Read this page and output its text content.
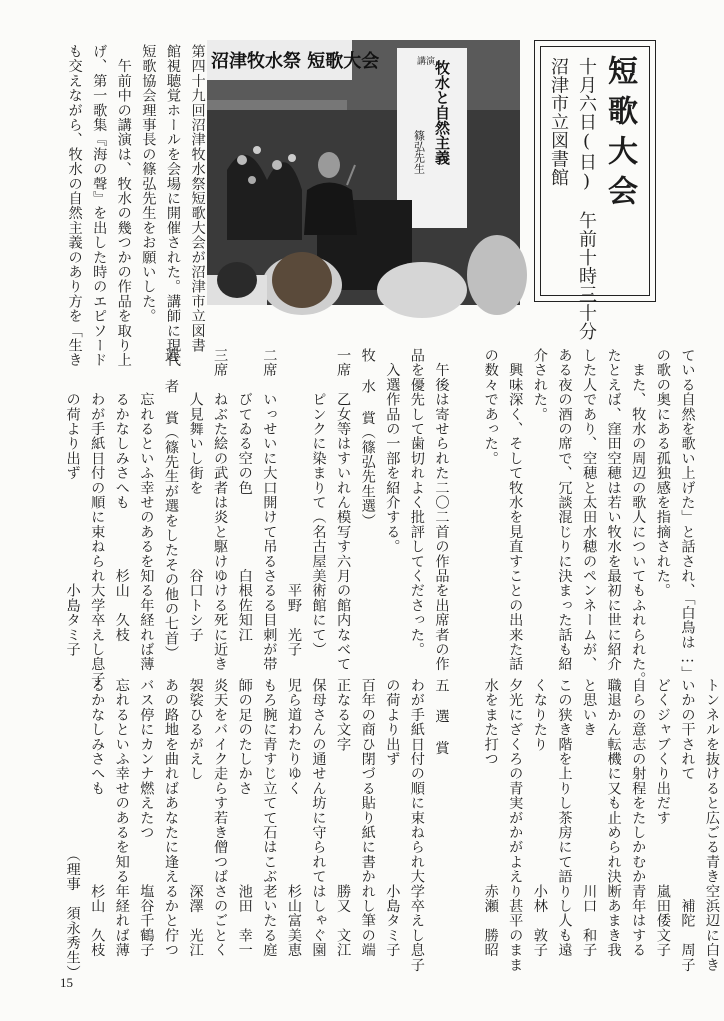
短歌大会
十月六日(日)　午前十時三十分
沼津市立図書館
沼津牧水祭 短歌大会	講演
牧水と自然主義
篠弘先生
第四十九回沼津牧水祭短歌大会が沼津市立図書
館視聴覚ホールを会場に開催された。講師に現代
短歌協会理事長の篠弘先生をお願いした。
　午前中の講演は、牧水の幾つかの作品を取り上
げ、第一歌集『海の聲』を出した時のエピソード
も交えながら、牧水の自然主義のあり方を「生き
ている自然を歌い上げた」と話され、「白鳥は…」
の歌の奥にある孤独感を指摘された。
　また、牧水の周辺の歌人についてもふれられた。
たとえば、窪田空穂は若い牧水を最初に世に紹介
した人であり、空穂と太田水穂のペンネームが、
ある夜の酒の席で、冗談混じりに決まった話も紹
介された。
　興味深く、そして牧水を見直すことの出来た話
の数々であった。

　午後は寄せられた二〇二首の作品を出席者の作
品を優先して歯切れよく批評してくださった。
　入選作品の一部を紹介する。
牧 水 賞（篠弘先生選）
一席　乙女等はすいれん模写す六月の館内なべて
　　　ピンクに染まりて（名古屋美術館にて）
　　　　　　　　　　　　　　　　平野　光子
二席　いっせいに大口開けて吊るさるる目刺が帯
　　　びてゐる空の色　　　　　白根佐知江
三席　ねぶた絵の武者は炎と駆けゆける死に近き
　　　人見舞いし街を　　　　　谷口トシ子
選 者 賞（篠先生が選をしたその他の七首）
　　　忘れるといふ幸せのあるを知る年経れば薄
　　　るかなしみさへも　　　　杉山　久枝
　　　わが手紙日付の順に束ねられ大学卒えし息子
　　　の荷より出ず　　　　　　　小島タミ子
トンネルを抜けると広ごる青き空浜辺に白き
いかの干されて　　　　　　　　補陀　周子
どくジャブくり出だす　　　　嵐田倭文子
自らの意志の射程をたしかむか青年はする
職退かん転機に又も止められ決断あまき我
と思いき　　　　　　　　　　川口　和子
この狭き階を上りし茶房にて語りし人も遠
くなりたり　　　　　　　　　小林　敦子
夕光にざくろの青実がかがよえり甚平のまま
水をまた打つ　　　　　　　　赤瀬　勝昭

五 選 賞
わが手紙日付の順に束ねられ大学卒えし息子
の荷より出ず　　　　　　　　小島タミ子
百年の商ひ閉づる貼り紙に書かれし筆の端
正なる文字　　　　　　　　　勝又　文江
保母さんの通せん坊に守られてはしゃぐ園
児ら道わたりゆく　　　　　　杉山富美恵
もろ腕に青すじ立てて石はこぶ老いたる庭
師の足のたしかさ　　　　　　池田　幸一
炎天をバイク走らす若き僧つばさのごとく
袈裟ひるがえし　　　　　　　深澤　光江
あの路地を曲ればあなたに逢えるかと佇つ
バス停にカンナ燃えたつ　　　塩谷千鶴子
忘れるといふ幸せのあるを知る年経れば薄
るかなしみさへも　　　　　　杉山　久枝
　　　　　　　　　　　　（理事　須永秀生）
15
